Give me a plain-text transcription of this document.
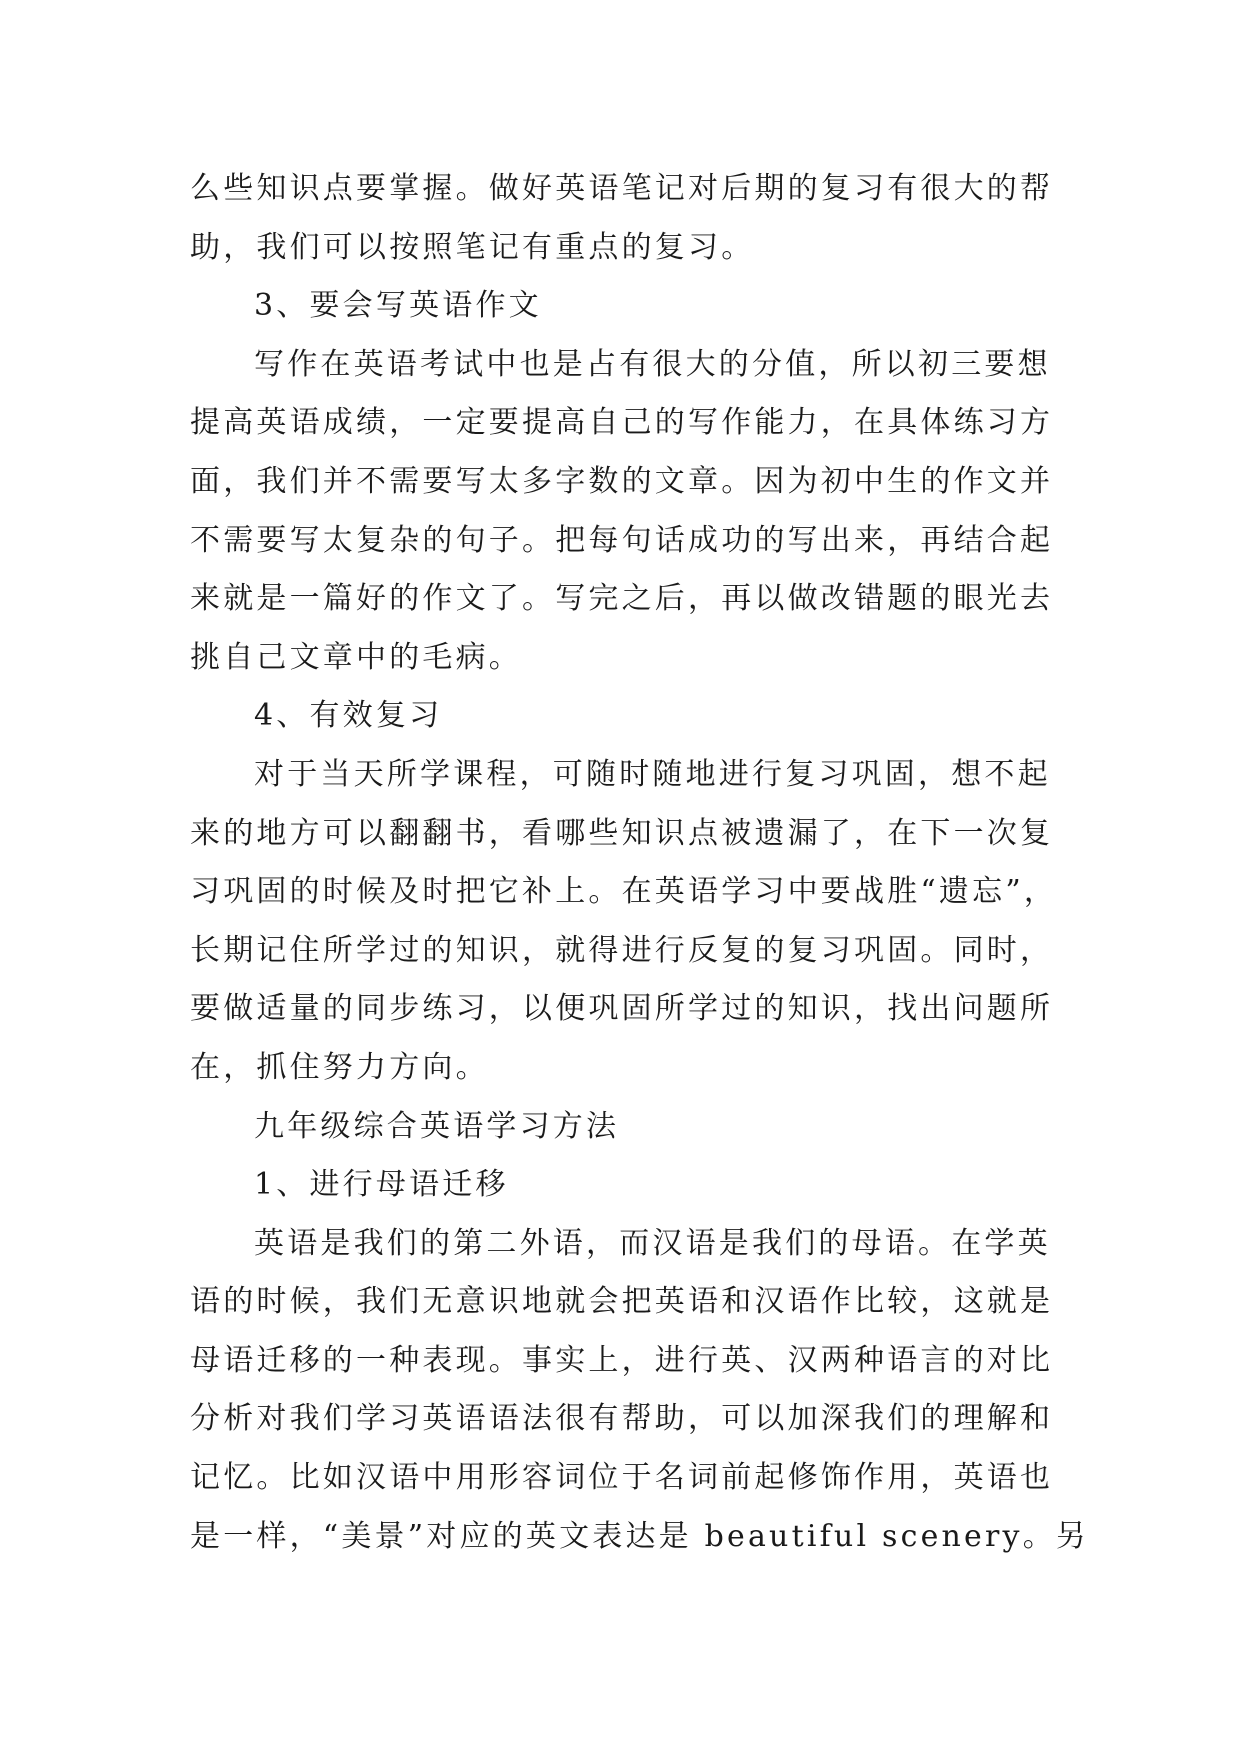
么些知识点要掌握。做好英语笔记对后期的复习有很大的帮
助，我们可以按照笔记有重点的复习。
3、要会写英语作文
写作在英语考试中也是占有很大的分值，所以初三要想
提高英语成绩，一定要提高自己的写作能力，在具体练习方
面，我们并不需要写太多字数的文章。因为初中生的作文并
不需要写太复杂的句子。把每句话成功的写出来，再结合起
来就是一篇好的作文了。写完之后，再以做改错题的眼光去
挑自己文章中的毛病。
4、有效复习
对于当天所学课程，可随时随地进行复习巩固，想不起
来的地方可以翻翻书，看哪些知识点被遗漏了，在下一次复
习巩固的时候及时把它补上。在英语学习中要战胜“遗忘”，
长期记住所学过的知识，就得进行反复的复习巩固。同时，
要做适量的同步练习，以便巩固所学过的知识，找出问题所
在，抓住努力方向。
九年级综合英语学习方法
1、进行母语迁移
英语是我们的第二外语，而汉语是我们的母语。在学英
语的时候，我们无意识地就会把英语和汉语作比较，这就是
母语迁移的一种表现。事实上，进行英、汉两种语言的对比
分析对我们学习英语语法很有帮助，可以加深我们的理解和
记忆。比如汉语中用形容词位于名词前起修饰作用，英语也
是一样，“美景”对应的英文表达是 beautiful scenery。另
